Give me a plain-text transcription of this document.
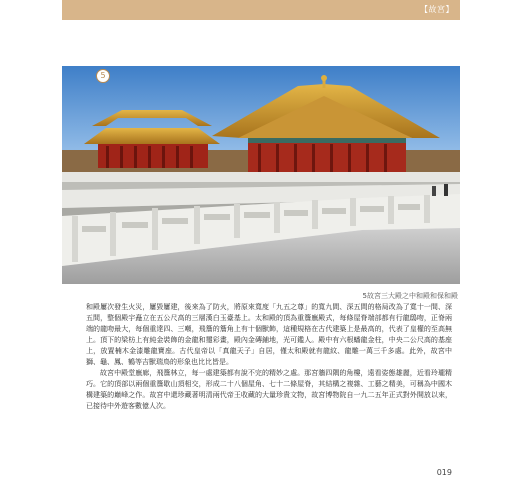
【故宮】
5
5故宮三大殿之中和殿和保和殿

和殿屢次發生火災，屢毀屢建，後來為了防火，將原來寬度「九五之尊」的寬九間、深五間的格局改為了寬十一間、深五間，整個殿宇矗立在五公尺高的三層漢白玉臺基上。太和殿的頂為重簷廡殿式，每條屋脊端部都有行龍鴟吻，正脊兩端的龍吻最大，每個重達四、三噸，飛簷的簷角上有十個獸飾，這種規格在古代建築上是最高的，代表了皇權的至高無上。頂下的梁枋上有純金裝飾的金龍和璽彩畫，殿內金磚鋪地，光可鑑人。殿中有六根蟠龍金柱，中央二公尺高的基座上，放置楠木金漆雕龍寶座。古代皇帝以「真龍天子」自居，僅太和殿就有龍紋、龍雕一萬三千多處。此外，故宮中獅、龜、鳳、鶴等吉獸瑞鳥的形象也比比皆是。

故宮中殿堂廡廊，飛簷林立，每一處建築都有說不完的精妙之處。那宮牆四隅的角樓，遠看姿態雄麗，近看玲瓏精巧。它的頂部以兩個重簷歇山頂相交，形成二十八個屋角、七十二條屋脊，其結構之複雜、工藝之精美，可稱為中國木構建築的巔峰之作。故宮中還珍藏著明清兩代帝王收藏的大量珍貴文物，故宮博物院自一九二五年正式對外開放以來，已接待中外遊客數億人次。

019
